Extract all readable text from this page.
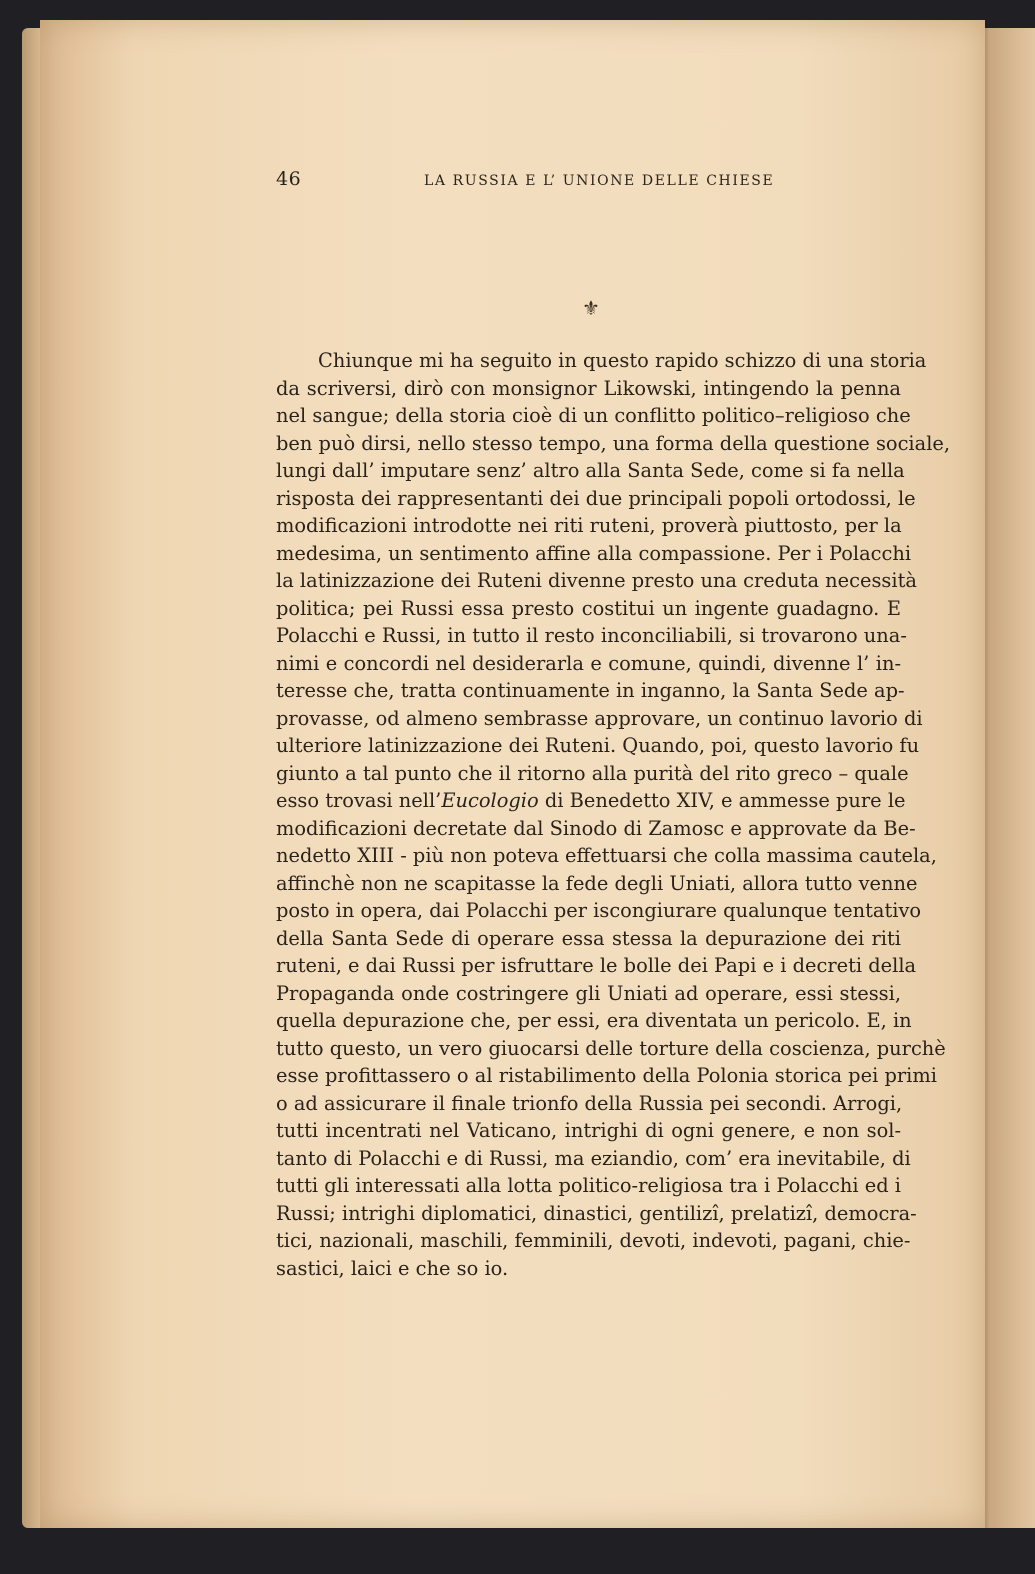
46	LA RUSSIA E L’ UNIONE DELLE CHIESE
⚜
Chiunque mi ha seguito in questo rapido schizzo di una storia
da scriversi, dirò con monsignor Likowski, intingendo la penna
nel sangue; della storia cioè di un conflitto politico–religioso che
ben può dirsi, nello stesso tempo, una forma della questione sociale,
lungi dall’ imputare senz’ altro alla Santa Sede, come si fa nella
risposta dei rappresentanti dei due principali popoli ortodossi, le
modificazioni introdotte nei riti ruteni, proverà piuttosto, per la
medesima, un sentimento affine alla compassione. Per i Polacchi
la latinizzazione dei Ruteni divenne presto una creduta necessità
politica; pei Russi essa presto costitui un ingente guadagno. E
Polacchi e Russi, in tutto il resto inconciliabili, si trovarono una-
nimi e concordi nel desiderarla e comune, quindi, divenne l’ in-
teresse che, tratta continuamente in inganno, la Santa Sede ap-
provasse, od almeno sembrasse approvare, un continuo lavorio di
ulteriore latinizzazione dei Ruteni. Quando, poi, questo lavorio fu
giunto a tal punto che il ritorno alla purità del rito greco – quale
esso trovasi nell’Eucologio di Benedetto XIV, e ammesse pure le
modificazioni decretate dal Sinodo di Zamosc e approvate da Be-
nedetto XIII - più non poteva effettuarsi che colla massima cautela,
affinchè non ne scapitasse la fede degli Uniati, allora tutto venne
posto in opera, dai Polacchi per iscongiurare qualunque tentativo
della Santa Sede di operare essa stessa la depurazione dei riti
ruteni, e dai Russi per isfruttare le bolle dei Papi e i decreti della
Propaganda onde costringere gli Uniati ad operare, essi stessi,
quella depurazione che, per essi, era diventata un pericolo. E, in
tutto questo, un vero giuocarsi delle torture della coscienza, purchè
esse profittassero o al ristabilimento della Polonia storica pei primi
o ad assicurare il finale trionfo della Russia pei secondi. Arrogi,
tutti incentrati nel Vaticano, intrighi di ogni genere, e non sol-
tanto di Polacchi e di Russi, ma eziandio, com’ era inevitabile, di
tutti gli interessati alla lotta politico-religiosa tra i Polacchi ed i
Russi; intrighi diplomatici, dinastici, gentilizî, prelatizî, democra-
tici, nazionali, maschili, femminili, devoti, indevoti, pagani, chie-
sastici, laici e che so io.
